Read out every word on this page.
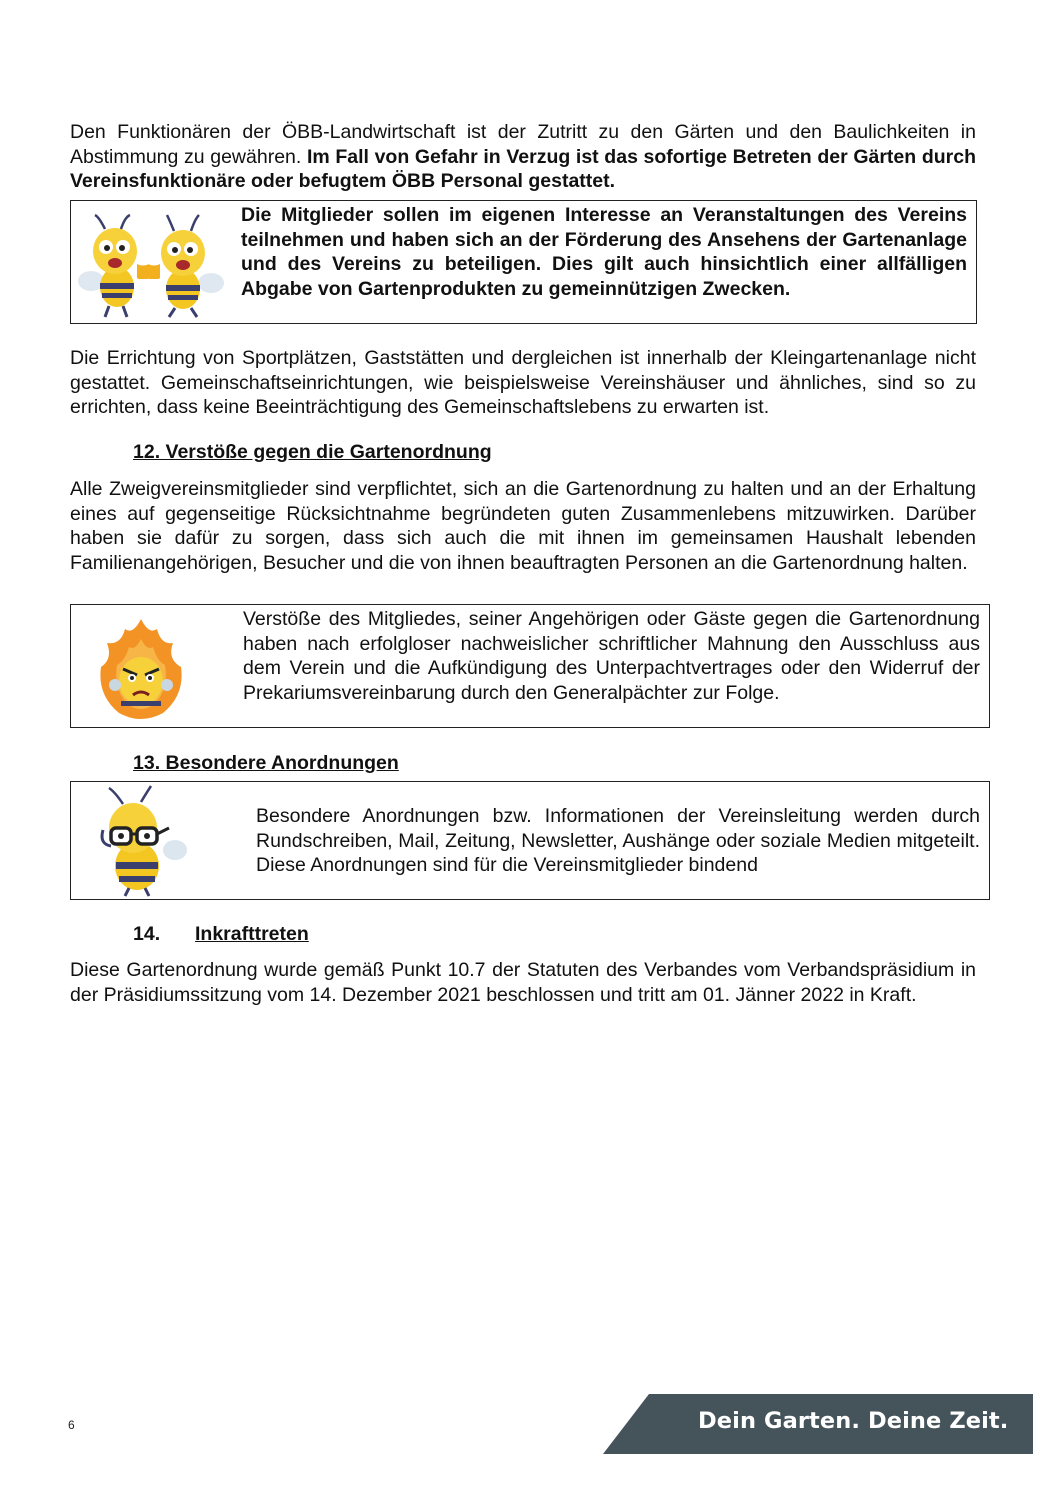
Den Funktionären der ÖBB-Landwirtschaft ist der Zutritt zu den Gärten und den Baulichkeiten in Abstimmung zu gewähren. Im Fall von Gefahr in Verzug ist das sofortige Betreten der Gärten durch Vereinsfunktionäre oder befugtem ÖBB Personal gestattet.

Die Mitglieder sollen im eigenen Interesse an Veranstaltungen des Vereins teilnehmen und haben sich an der Förderung des Ansehens der Gartenanlage und des Vereins zu beteiligen. Dies gilt auch hinsichtlich einer allfälligen Abgabe von Gartenprodukten zu gemeinnützigen Zwecken.

Die Errichtung von Sportplätzen, Gaststätten und dergleichen ist innerhalb der Kleingartenanlage nicht gestattet. Gemeinschaftseinrichtungen, wie beispielsweise Vereinshäuser und ähnliches, sind so zu errichten, dass keine Beeinträchtigung des Gemeinschaftslebens zu erwarten ist.

12. Verstöße gegen die Gartenordnung

Alle Zweigvereinsmitglieder sind verpflichtet, sich an die Gartenordnung zu halten und an der Erhaltung eines auf gegenseitige Rücksichtnahme begründeten guten Zusammenlebens mitzuwirken. Darüber haben sie dafür zu sorgen, dass sich auch die mit ihnen im gemeinsamen Haushalt lebenden Familienangehörigen, Besucher und die von ihnen beauftragten Personen an die Gartenordnung halten.

Verstöße des Mitgliedes, seiner Angehörigen oder Gäste gegen die Gartenordnung haben nach erfolgloser nachweislicher schriftlicher Mahnung den Ausschluss aus dem Verein und die Aufkündigung des Unterpachtvertrages oder den Widerruf der Prekariumsvereinbarung durch den Generalpächter zur Folge.

13. Besondere Anordnungen

Besondere Anordnungen bzw. Informationen der Vereinsleitung werden durch Rundschreiben, Mail, Zeitung, Newsletter, Aushänge oder soziale Medien mitgeteilt. Diese Anordnungen sind für die Vereinsmitglieder bindend

14. Inkrafttreten

Diese Gartenordnung wurde gemäß Punkt 10.7 der Statuten des Verbandes vom Verbandspräsidium in der Präsidiumssitzung vom 14. Dezember 2021 beschlossen und tritt am 01. Jänner 2022 in Kraft.

6	Dein Garten. Deine Zeit.
